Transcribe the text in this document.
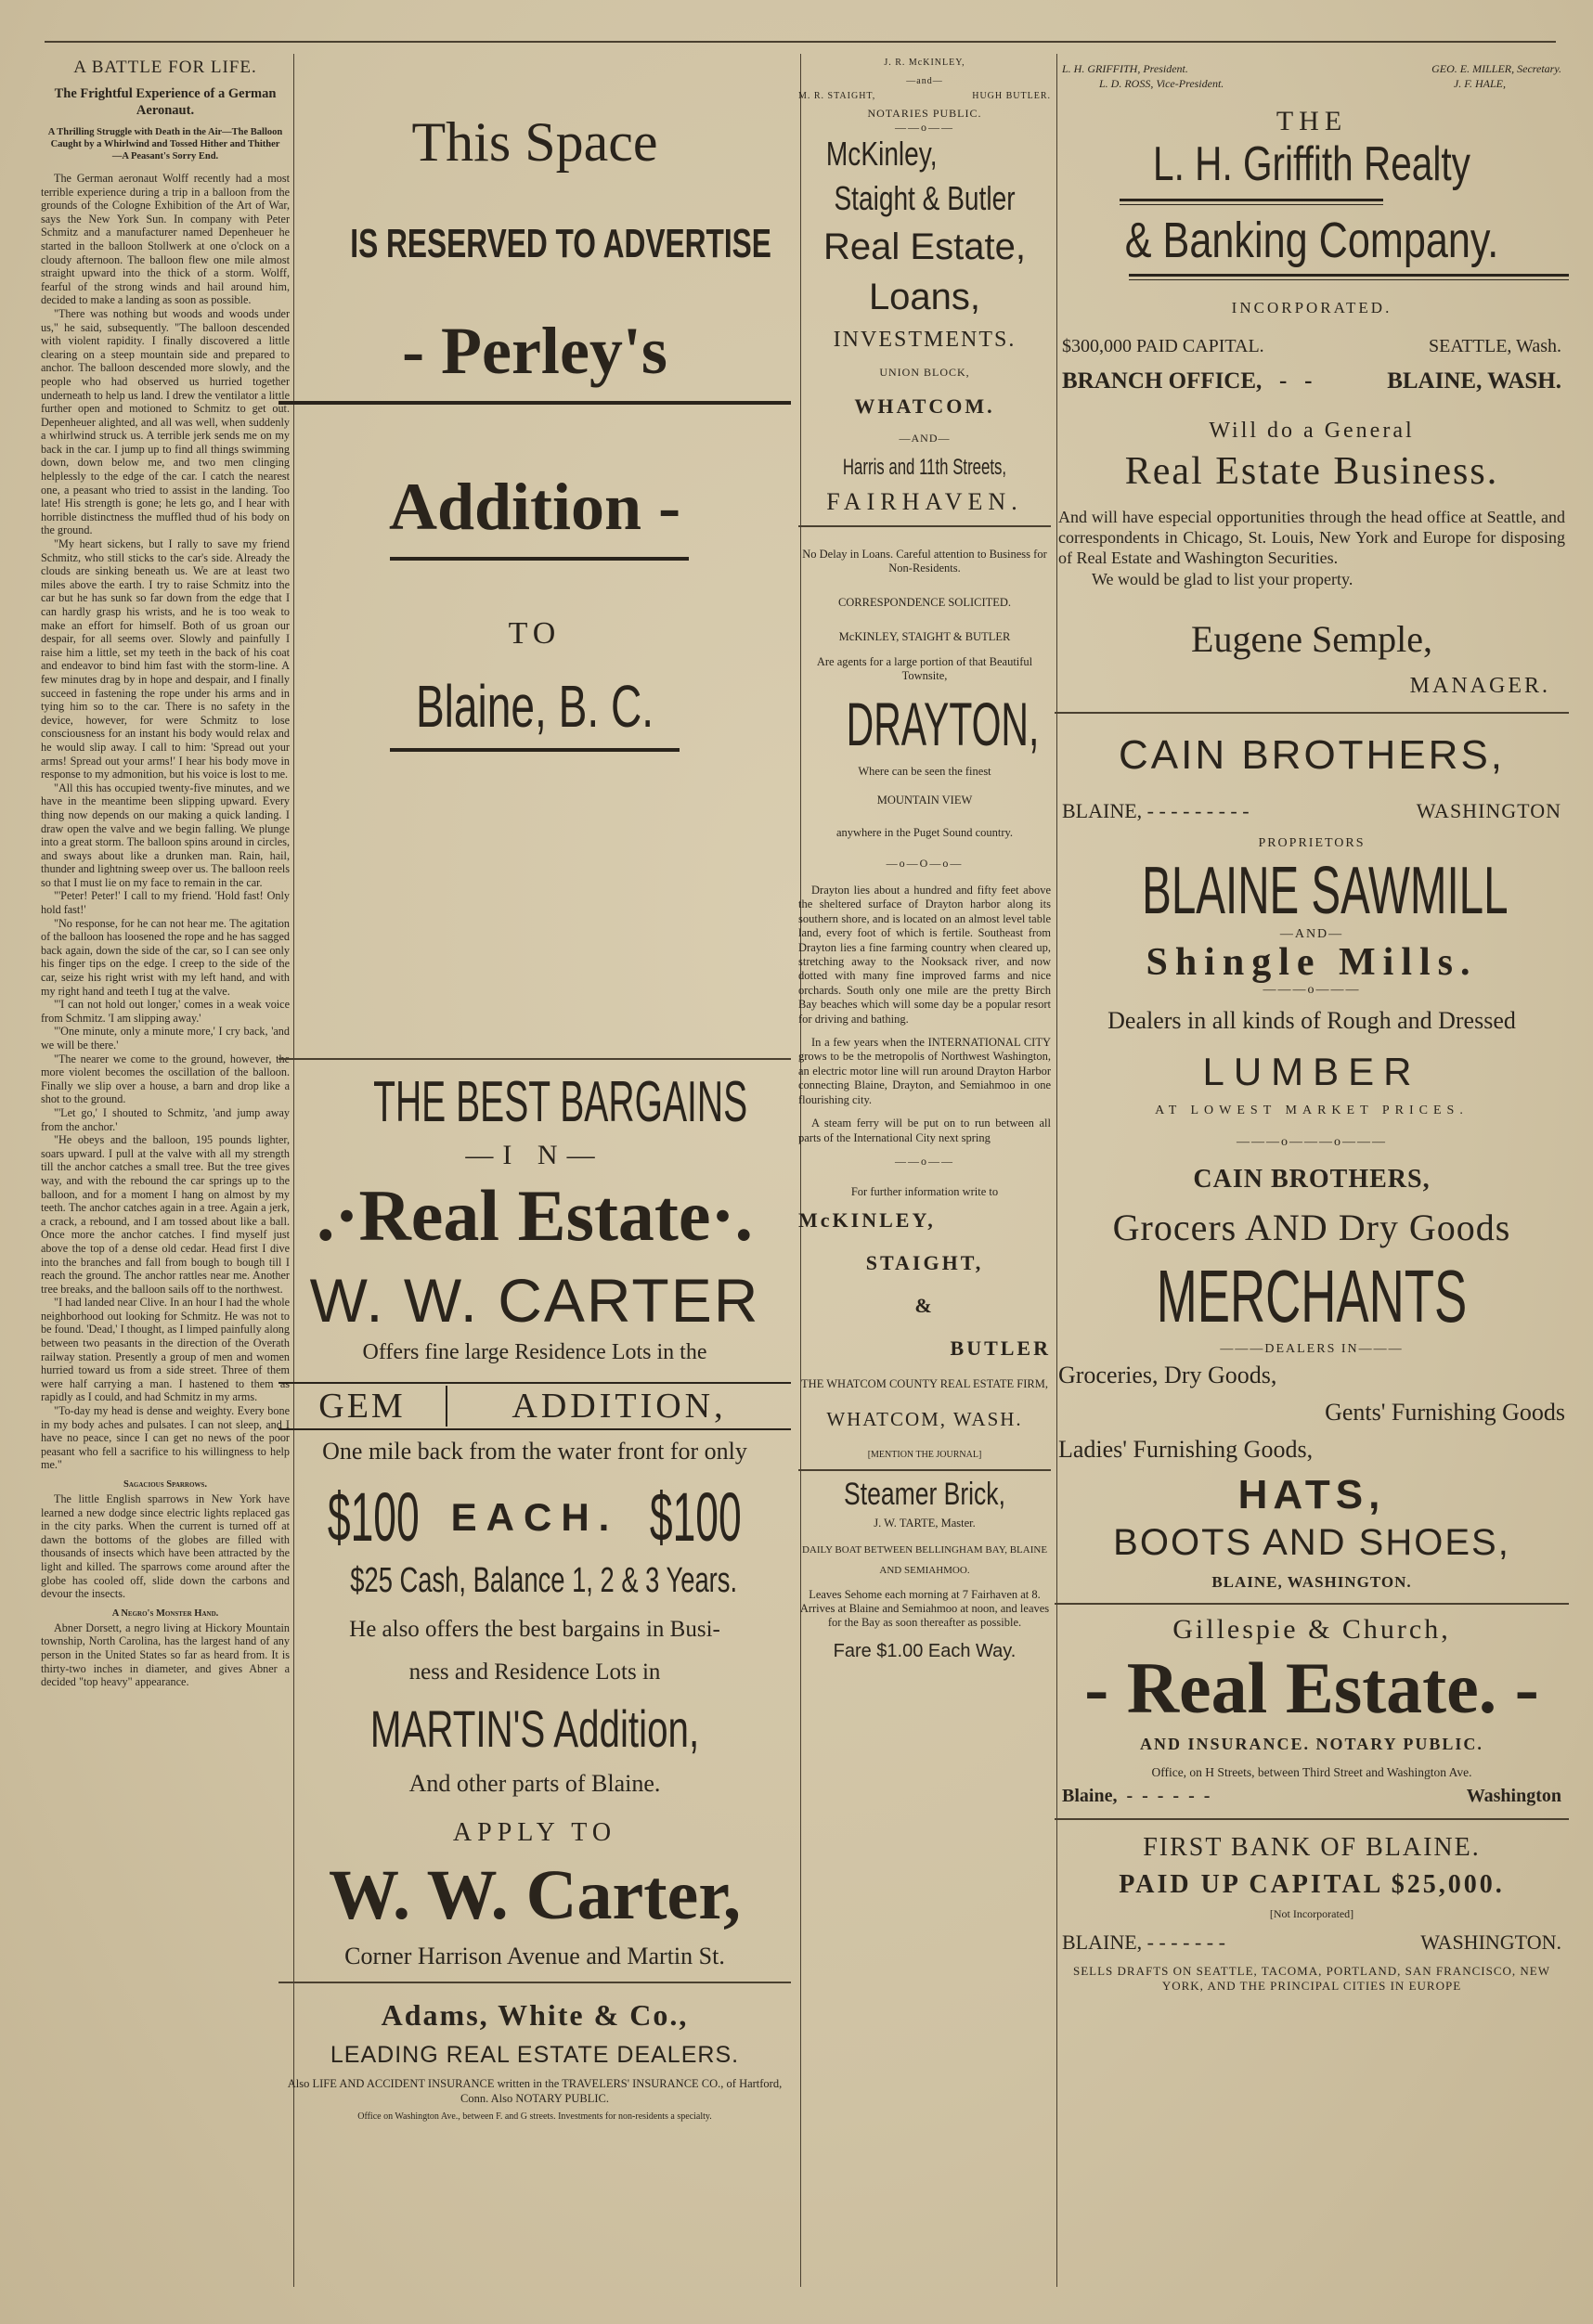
A BATTLE FOR LIFE.
The Frightful Experience of a German Aeronaut.
A Thrilling Struggle with Death in the Air—The Balloon Caught by a Whirlwind and Tossed Hither and Thither—A Peasant's Sorry End.

The German aeronaut Wolff recently had a most terrible experience during a trip in a balloon from the grounds of the Cologne Exhibition of the Art of War, says the New York Sun. In company with Peter Schmitz and a manufacturer named Depenheuer he started in the balloon Stollwerk at one o'clock on a cloudy afternoon. The balloon flew one mile almost straight upward into the thick of a storm. Wolff, fearful of the strong winds and hail around him, decided to make a landing as soon as possible.

"There was nothing but woods and woods under us," he said, subsequently. "The balloon descended with violent rapidity. I finally discovered a little clearing on a steep mountain side and prepared to anchor. The balloon descended more slowly, and the people who had observed us hurried together underneath to help us land. I drew the ventilator a little further open and motioned to Schmitz to get out. Depenheuer alighted, and all was well, when suddenly a whirlwind struck us. A terrible jerk sends me on my back in the car. I jump up to find all things swimming down, down below me, and two men clinging helplessly to the edge of the car. I catch the nearest one, a peasant who tried to assist in the landing. Too late! His strength is gone; he lets go, and I hear with horrible distinctness the muffled thud of his body on the ground.

"My heart sickens, but I rally to save my friend Schmitz, who still sticks to the car's side. Already the clouds are sinking beneath us. We are at least two miles above the earth. I try to raise Schmitz into the car but he has sunk so far down from the edge that I can hardly grasp his wrists, and he is too weak to make an effort for himself. Both of us groan our despair, for all seems over. Slowly and painfully I raise him a little, set my teeth in the back of his coat and endeavor to bind him fast with the storm-line. A few minutes drag by in hope and despair, and I finally succeed in fastening the rope under his arms and in tying him so to the car. There is no safety in the device, however, for were Schmitz to lose consciousness for an instant his body would relax and he would slip away. I call to him: 'Spread out your arms! Spread out your arms!' I hear his body move in response to my admonition, but his voice is lost to me.

"All this has occupied twenty-five minutes, and we have in the meantime been slipping upward. Every thing now depends on our making a quick landing. I draw open the valve and we begin falling. We plunge into a great storm. The balloon spins around in circles, and sways about like a drunken man. Rain, hail, thunder and lightning sweep over us. The balloon reels so that I must lie on my face to remain in the car.

"'Peter! Peter!' I call to my friend. 'Hold fast! Only hold fast!'

"No response, for he can not hear me. The agitation of the balloon has loosened the rope and he has sagged back again, down the side of the car, so I can see only his finger tips on the edge. I creep to the side of the car, seize his right wrist with my left hand, and with my right hand and teeth I tug at the valve.

"'I can not hold out longer,' comes in a weak voice from Schmitz. 'I am slipping away.'

"'One minute, only a minute more,' I cry back, 'and we will be there.'

"The nearer we come to the ground, however, the more violent becomes the oscillation of the balloon. Finally we slip over a house, a barn and drop like a shot to the ground.

"'Let go,' I shouted to Schmitz, 'and jump away from the anchor.'

"He obeys and the balloon, 195 pounds lighter, soars upward. I pull at the valve with all my strength till the anchor catches a small tree. But the tree gives way, and with the rebound the car springs up to the balloon, and for a moment I hang on almost by my teeth. The anchor catches again in a tree. Again a jerk, a crack, a rebound, and I am tossed about like a ball. Once more the anchor catches. I find myself just above the top of a dense old cedar. Head first I dive into the branches and fall from bough to bough till I reach the ground. The anchor rattles near me. Another tree breaks, and the balloon sails off to the northwest.

"I had landed near Clive. In an hour I had the whole neighborhood out looking for Schmitz. He was not to be found. 'Dead,' I thought, as I limped painfully along between two peasants in the direction of the Overath railway station. Presently a group of men and women hurried toward us from a side street. Three of them were half carrying a man. I hastened to them as rapidly as I could, and had Schmitz in my arms.

"To-day my head is dense and weighty. Every bone in my body aches and pulsates. I can not sleep, and I have no peace, since I can get no news of the poor peasant who fell a sacrifice to his willingness to help me."

Sagacious Sparrows.

The little English sparrows in New York have learned a new dodge since electric lights replaced gas in the city parks. When the current is turned off at dawn the bottoms of the globes are filled with thousands of insects which have been attracted by the light and killed. The sparrows come around after the globe has cooled off, slide down the carbons and devour the insects.

A Negro's Monster Hand.

Abner Dorsett, a negro living at Hickory Mountain township, North Carolina, has the largest hand of any person in the United States so far as heard from. It is thirty-two inches in diameter, and gives Abner a decided "top heavy" appearance.

This Space
IS RESERVED TO ADVERTISE
- Perley's
Addition -
TO
Blaine, B. C.
THE BEST BARGAINS
—I N—
.·Real Estate·.
W. W. CARTER
Offers fine large Residence Lots in the
GEM	ADDITION,
One mile back from the water front for only
$100 EACH. $100
$25 Cash, Balance 1, 2 & 3 Years.
He also offers the best bargains in Busi-
ness and Residence Lots in
MARTIN'S Addition,
And other parts of Blaine.
APPLY TO
W. W. Carter,
Corner Harrison Avenue and Martin St.
Adams, White & Co.,
LEADING REAL ESTATE DEALERS.
Also LIFE AND ACCIDENT INSURANCE written in the TRAVELERS' INSURANCE CO., of Hartford, Conn. Also NOTARY PUBLIC.
Office on Washington Ave., between F. and G streets. Investments for non-residents a specialty.
J. R. McKINLEY,
—and—
M. R. STAIGHT,	HUGH BUTLER.
NOTARIES PUBLIC.
——o——
McKinley,
Staight & Butler
Real Estate,
Loans,
INVESTMENTS.
UNION BLOCK,
WHATCOM.
—AND—
Harris and 11th Streets,
FAIRHAVEN.
No Delay in Loans. Careful attention to Business for Non-Residents.
CORRESPONDENCE SOLICITED.
McKINLEY, STAIGHT & BUTLER
Are agents for a large portion of that Beautiful Townsite,
DRAYTON,
Where can be seen the finest
MOUNTAIN VIEW
anywhere in the Puget Sound country.
—o—O—o—

Drayton lies about a hundred and fifty feet above the sheltered surface of Drayton harbor along its southern shore, and is located on an almost level table land, every foot of which is fertile. Southeast from Drayton lies a fine farming country when cleared up, stretching away to the Nooksack river, and now dotted with many fine improved farms and nice orchards. South only one mile are the pretty Birch Bay beaches which will some day be a popular resort for driving and bathing.

In a few years when the INTERNATIONAL CITY grows to be the metropolis of Northwest Washington, an electric motor line will run around Drayton Harbor connecting Blaine, Drayton, and Semiahmoo in one flourishing city.

A steam ferry will be put on to run between all parts of the International City next spring

——o——
For further information write to
McKINLEY,
STAIGHT,
&
BUTLER
THE WHATCOM COUNTY REAL ESTATE FIRM,
WHATCOM, WASH.
[MENTION THE JOURNAL]
Steamer Brick,
J. W. TARTE, Master.
DAILY BOAT BETWEEN BELLINGHAM BAY, BLAINE AND SEMIAHMOO.
Leaves Sehome each morning at 7 Fairhaven at 8. Arrives at Blaine and Semiahmoo at noon, and leaves for the Bay as soon thereafter as possible.
Fare $1.00 Each Way.
L. H. GRIFFITH, President.
L. D. ROSS, Vice-President.
GEO. E. MILLER, Secretary.
J. F. HALE,
THE
L. H. Griffith Realty
& Banking Company.
INCORPORATED.
$300,000 PAID CAPITAL.	SEATTLE, Wash.
BRANCH OFFICE,   -   -	BLAINE, WASH.
Will do a General
Real Estate Business.
And will have especial opportunities through the head office at Seattle, and correspondents in Chicago, St. Louis, New York and Europe for disposing of Real Estate and Washington Securities.
We would be glad to list your property.
Eugene Semple,
MANAGER.
CAIN BROTHERS,
BLAINE, - - - - - - - - -	WASHINGTON
PROPRIETORS
BLAINE SAWMILL
—AND—
Shingle Mills.
———o———
Dealers in all kinds of Rough and Dressed
LUMBER
AT LOWEST MARKET PRICES.
———o———o———
CAIN BROTHERS,
Grocers AND Dry Goods
MERCHANTS
———DEALERS IN———
Groceries, Dry Goods,
Gents' Furnishing Goods
Ladies' Furnishing Goods,
HATS,
BOOTS AND SHOES,
BLAINE, WASHINGTON.
Gillespie & Church,
- Real Estate. -
AND INSURANCE. NOTARY PUBLIC.
Office, on H Streets, between Third Street and Washington Ave.
Blaine,  -  -  -  -  -  -	Washington
FIRST BANK OF BLAINE.
PAID UP CAPITAL $25,000.
[Not Incorporated]
BLAINE, - - - - - - -	WASHINGTON.
SELLS DRAFTS ON SEATTLE, TACOMA, PORTLAND, SAN FRANCISCO, NEW YORK, AND THE PRINCIPAL CITIES IN EUROPE
